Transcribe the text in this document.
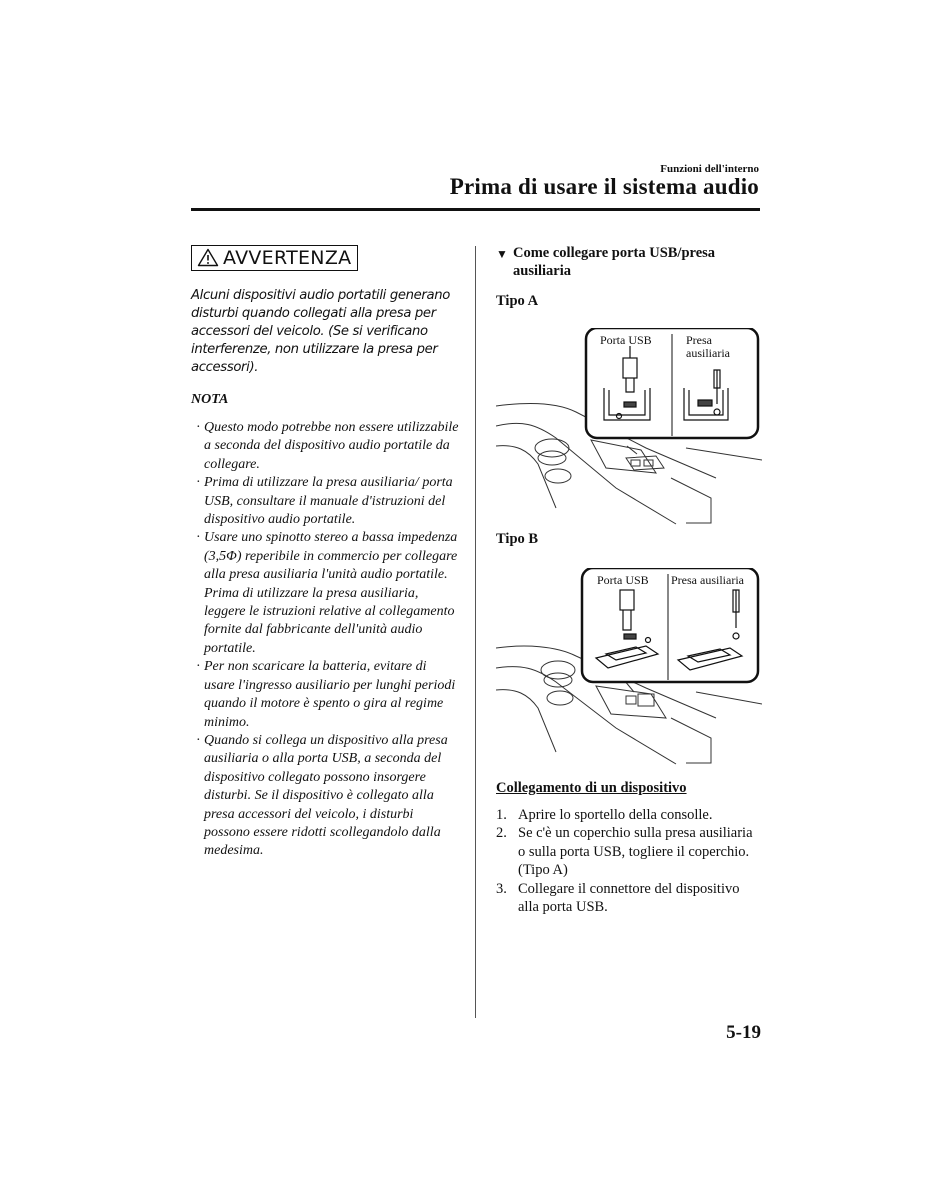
Funzioni dell'interno
Prima di usare il sistema audio
AVVERTENZA
Alcuni dispositivi audio portatili generano disturbi quando collegati alla presa per accessori del veicolo. (Se si verificano interferenze, non utilizzare la presa per accessori).
NOTA
· Questo modo potrebbe non essere utilizzabile a seconda del dispositivo audio portatile da collegare.
· Prima di utilizzare la presa ausiliaria/ porta USB, consultare il manuale d'istruzioni del dispositivo audio portatile.
· Usare uno spinotto stereo a bassa impedenza (3,5Φ) reperibile in commercio per collegare alla presa ausiliaria l'unità audio portatile. Prima di utilizzare la presa ausiliaria, leggere le istruzioni relative al collegamento fornite dal fabbricante dell'unità audio portatile.
· Per non scaricare la batteria, evitare di usare l'ingresso ausiliario per lunghi periodi quando il motore è spento o gira al regime minimo.
· Quando si collega un dispositivo alla presa ausiliaria o alla porta USB, a seconda del dispositivo collegato possono insorgere disturbi. Se il dispositivo è collegato alla presa accessori del veicolo, i disturbi possono essere ridotti scollegandolo dalla medesima.
▼ Come collegare porta USB/presa ausiliaria
Tipo A
Porta USB	Presa
ausiliaria
Tipo B
Porta USB Presa ausiliaria
Collegamento di un dispositivo
1. Aprire lo sportello della consolle.
2. Se c'è un coperchio sulla presa ausiliaria o sulla porta USB, togliere il coperchio. (Tipo A)
3. Collegare il connettore del dispositivo alla porta USB.
5-19
